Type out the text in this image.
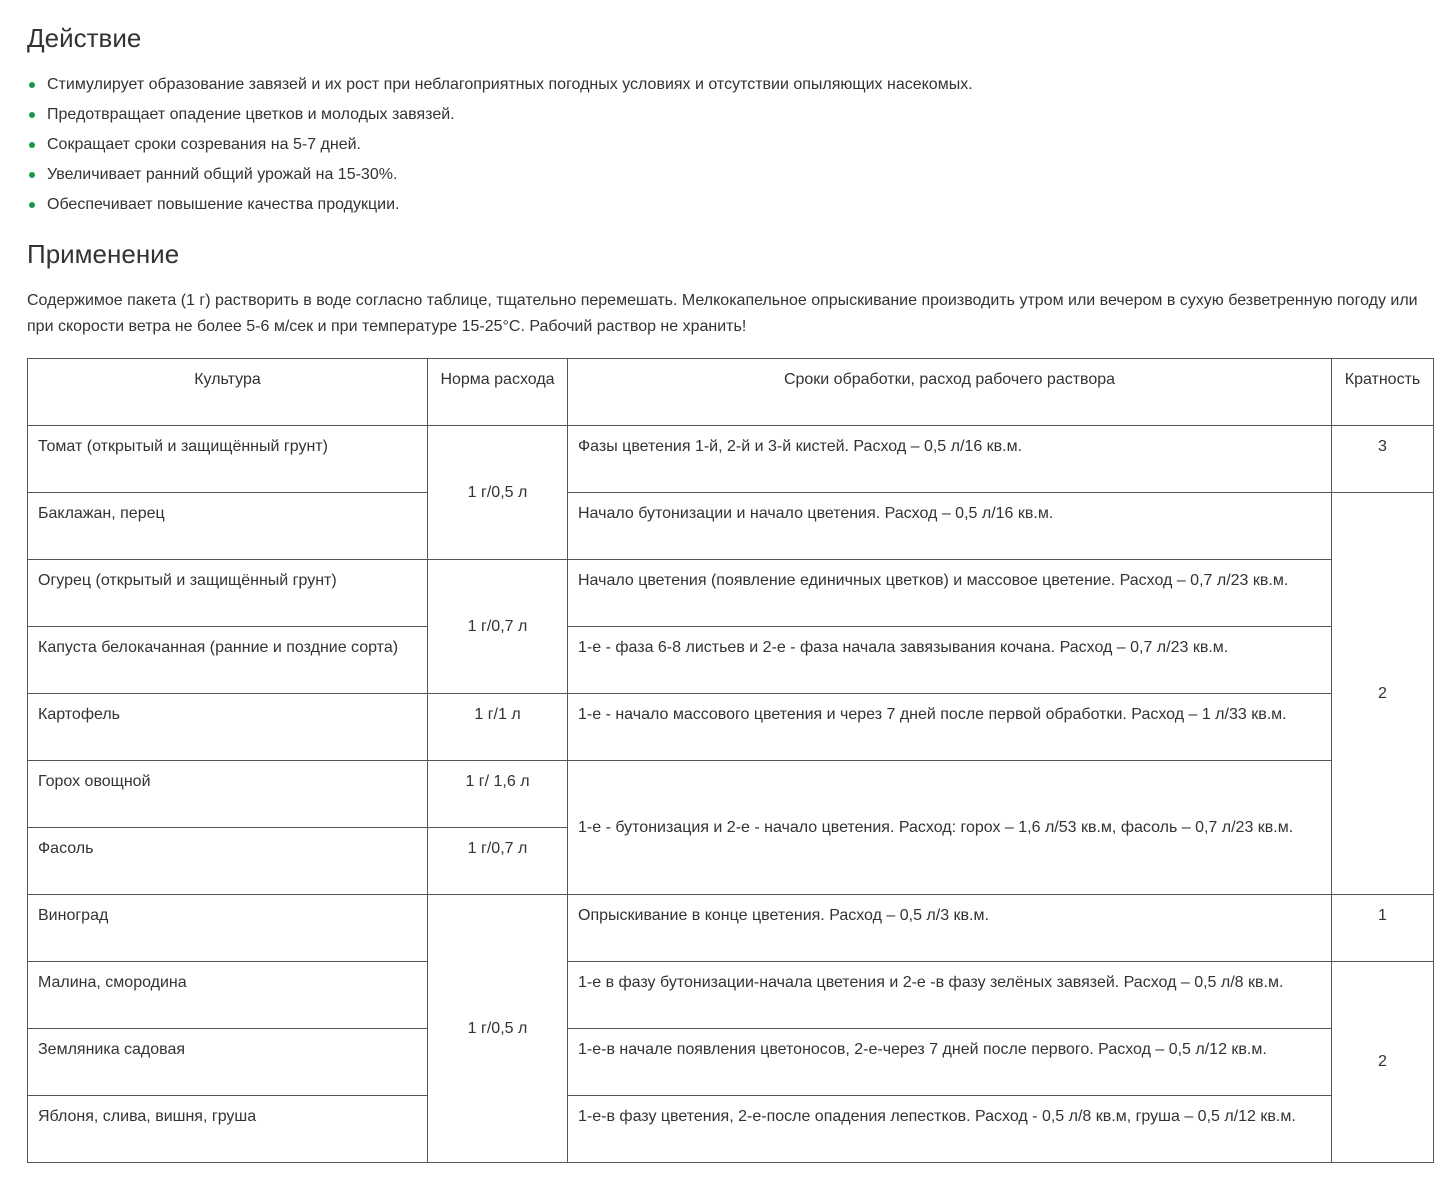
Действие
Стимулирует образование завязей и их рост при неблагоприятных погодных условиях и отсутствии опыляющих насекомых.
Предотвращает опадение цветков и молодых завязей.
Сокращает сроки созревания на 5-7 дней.
Увеличивает ранний общий урожай на 15-30%.
Обеспечивает повышение качества продукции.
Применение

Содержимое пакета (1 г) растворить в воде согласно таблице, тщательно перемешать. Мелкокапельное опрыскивание производить утром или вечером в сухую безветренную погоду или при скорости ветра не более 5-6 м/сек и при температуре 15-25°С. Рабочий раствор не хранить!

Культура	Норма расхода	Сроки обработки, расход рабочего раствора	Кратность
Томат (открытый и защищённый грунт)	1 г/0,5 л	Фазы цветения 1-й, 2-й и 3-й кистей. Расход – 0,5 л/16 кв.м.	3
Баклажан, перец		Начало бутонизации и начало цветения. Расход – 0,5 л/16 кв.м.	2
Огурец (открытый и защищённый грунт)	1 г/0,7 л	Начало цветения (появление единичных цветков) и массовое цветение. Расход – 0,7 л/23 кв.м.	
Капуста белокачанная (ранние и поздние сорта)		1-е - фаза 6-8 листьев и 2-е - фаза начала завязывания кочана. Расход – 0,7 л/23 кв.м.	
Картофель	1 г/1 л	1-е - начало массового цветения и через 7 дней после первой обработки. Расход – 1 л/33 кв.м.	
Горох овощной	1 г/ 1,6 л	1-е - бутонизация и 2-е - начало цветения. Расход: горох – 1,6 л/53 кв.м, фасоль – 0,7 л/23 кв.м.	
Фасоль	1 г/0,7 л		
Виноград	1 г/0,5 л	Опрыскивание в конце цветения. Расход – 0,5 л/3 кв.м.	1
Малина, смородина		1-е в фазу бутонизации-начала цветения и 2-е -в фазу зелёных завязей. Расход – 0,5 л/8 кв.м.	2
Земляника садовая		1-е-в начале появления цветоносов, 2-е-через 7 дней после первого. Расход – 0,5 л/12 кв.м.	
Яблоня, слива, вишня, груша		1-е-в фазу цветения, 2-е-после опадения лепестков. Расход - 0,5 л/8 кв.м, груша – 0,5 л/12 кв.м.	
